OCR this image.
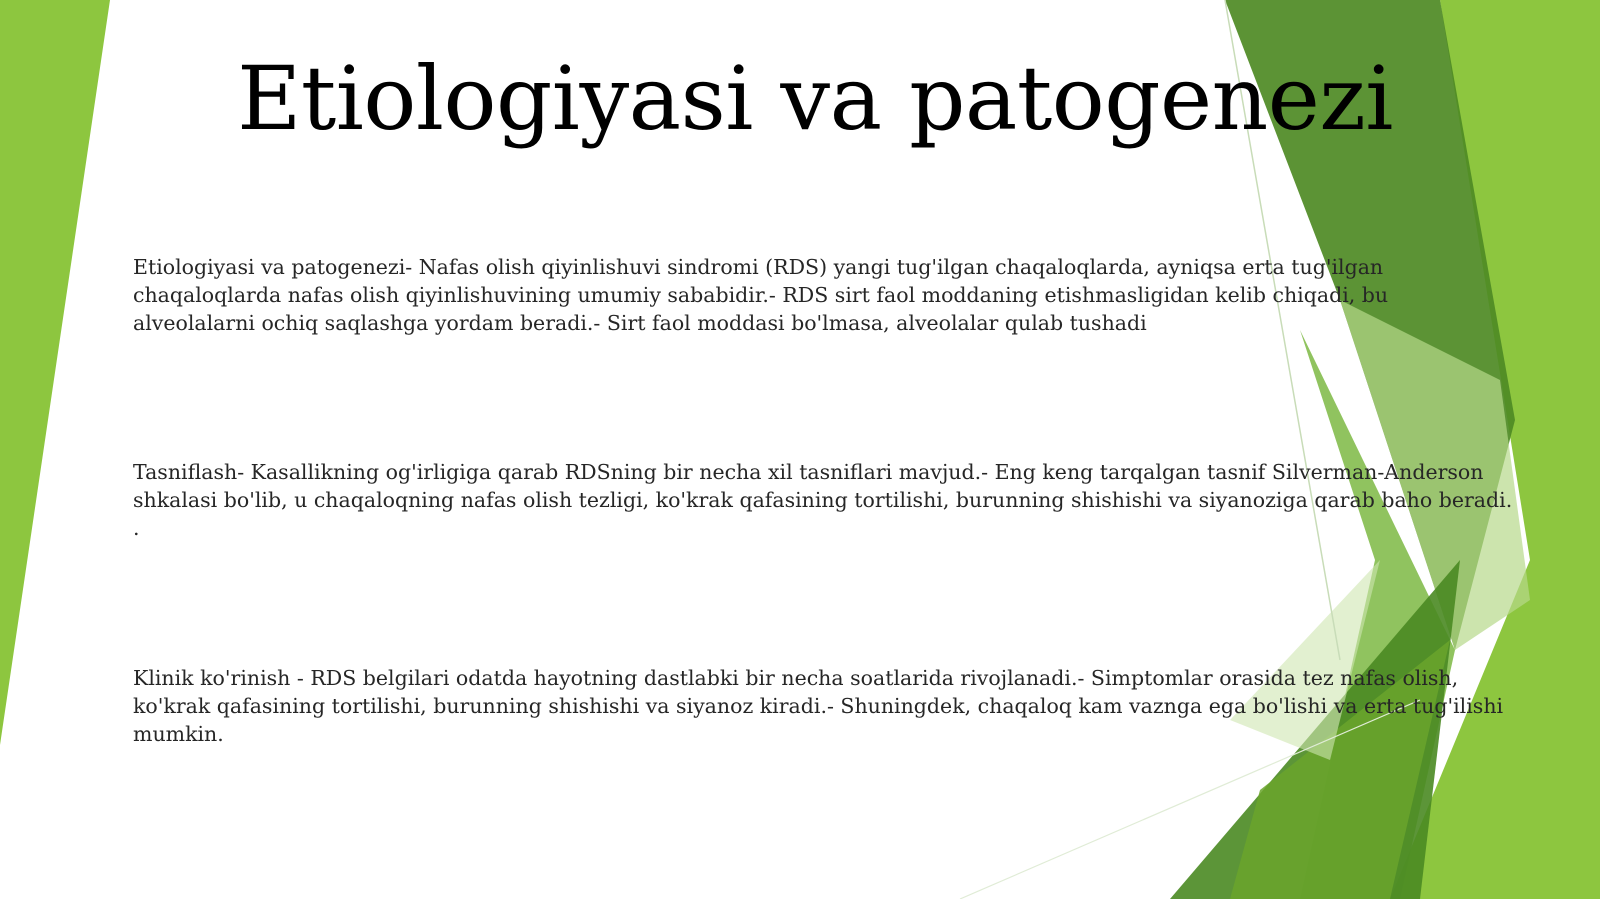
Etiologiyasi va patogenezi

Etiologiyasi va patogenezi- Nafas olish qiyinlishuvi sindromi (RDS) yangi tug'ilgan chaqaloqlarda, ayniqsa erta tug'ilgan chaqaloqlarda nafas olish qiyinlishuvining umumiy sababidir.- RDS sirt faol moddaning etishmasligidan kelib chiqadi, bu alveolalarni ochiq saqlashga yordam beradi.- Sirt faol moddasi bo'lmasa, alveolalar qulab tushadi

Tasniflash- Kasallikning og'irligiga qarab RDSning bir necha xil tasniflari mavjud.- Eng keng tarqalgan tasnif Silverman-Anderson shkalasi bo'lib, u chaqaloqning nafas olish tezligi, ko'krak qafasining tortilishi, burunning shishishi va siyanoziga qarab baho beradi. .

Klinik ko'rinish - RDS belgilari odatda hayotning dastlabki bir necha soatlarida rivojlanadi.- Simptomlar orasida tez nafas olish, ko'krak qafasining tortilishi, burunning shishishi va siyanoz kiradi.- Shuningdek, chaqaloq kam vaznga ega bo'lishi va erta tug'ilishi mumkin.
